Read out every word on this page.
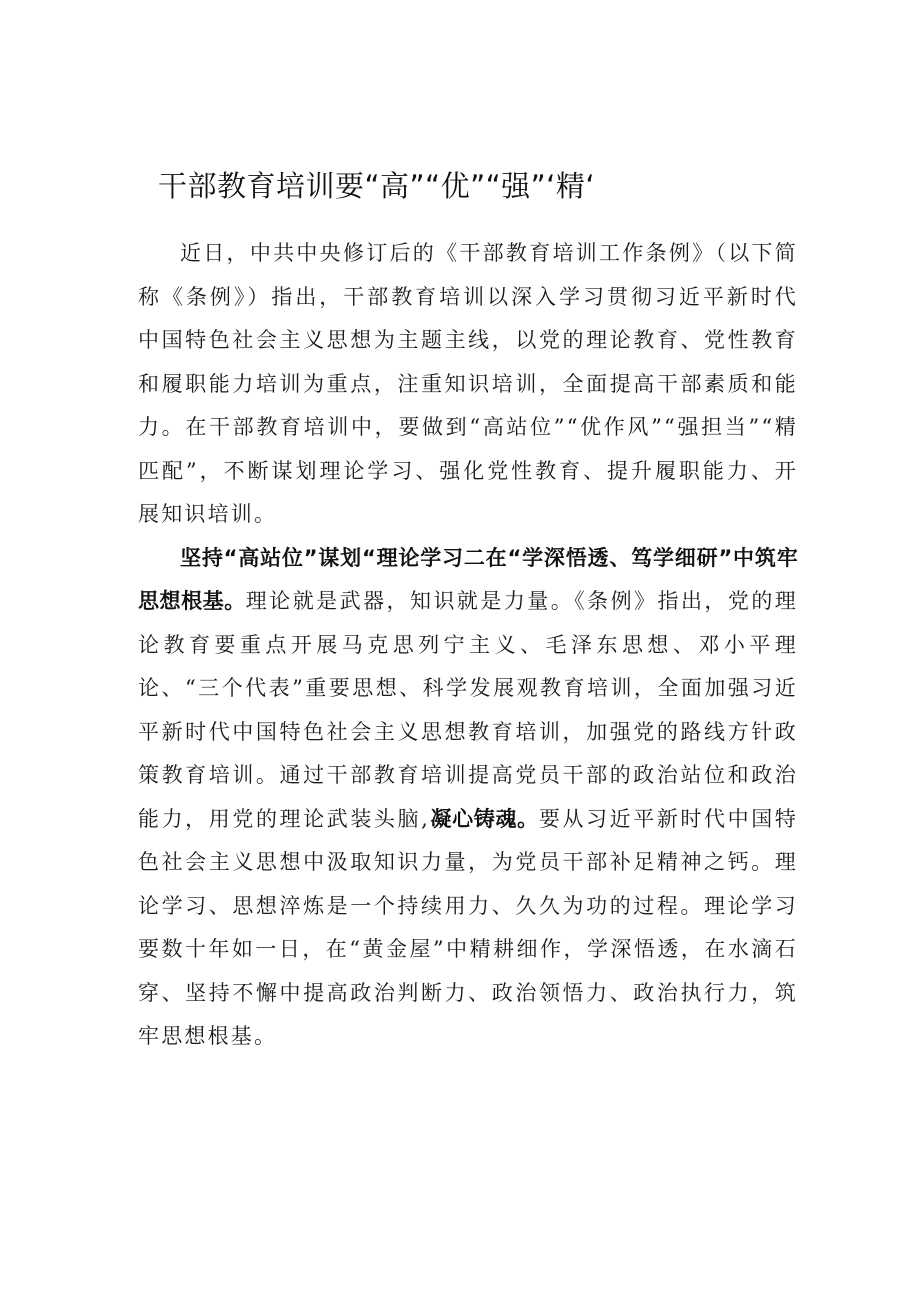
干部教育培训要“高”“优”“强”‘精‘

近日，中共中央修订后的《干部教育培训工作条例》（以下简称《条例》）指出，干部教育培训以深入学习贯彻习近平新时代中国特色社会主义思想为主题主线，以党的理论教育、党性教育和履职能力培训为重点，注重知识培训，全面提高干部素质和能力。在干部教育培训中，要做到“高站位”“优作风”“强担当”“精匹配”，不断谋划理论学习、强化党性教育、提升履职能力、开展知识培训。

坚持“高站位”谋划“理论学习二在“学深悟透、笃学细研”中筑牢思想根基。理论就是武器，知识就是力量。《条例》指出，党的理论教育要重点开展马克思列宁主义、毛泽东思想、邓小平理论、“三个代表”重要思想、科学发展观教育培训，全面加强习近平新时代中国特色社会主义思想教育培训，加强党的路线方针政策教育培训。通过干部教育培训提高党员干部的政治站位和政治能力，用党的理论武装头脑,凝心铸魂。要从习近平新时代中国特色社会主义思想中汲取知识力量，为党员干部补足精神之钙。理论学习、思想淬炼是一个持续用力、久久为功的过程。理论学习要数十年如一日，在“黄金屋”中精耕细作，学深悟透，在水滴石穿、坚持不懈中提高政治判断力、政治领悟力、政治执行力，筑牢思想根基。
